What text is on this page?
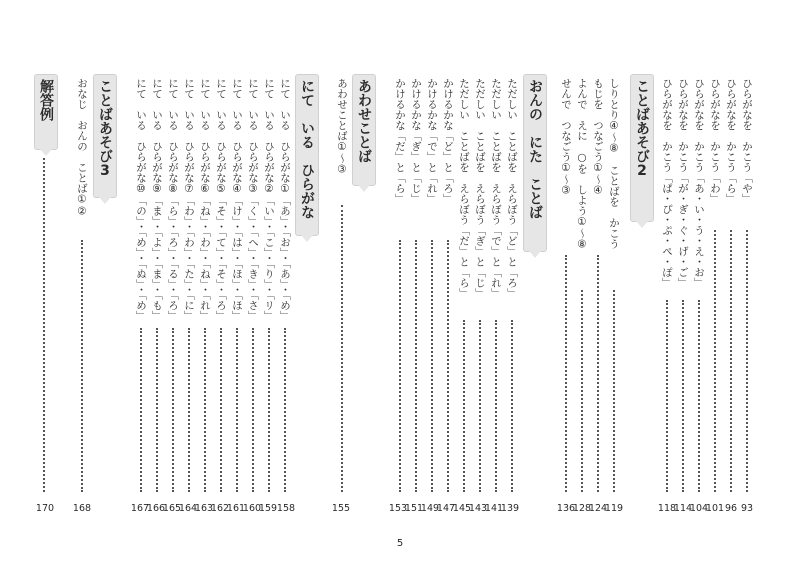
ことばあそび2	ひらがなを　かこう「や」
93
ひらがなを　かこう「ら」
96
ひらがなを　かこう「わ」
101
ひらがなを　かこう「あ・い・う・え・お」
104
ひらがなを　かこう「が・ぎ・ぐ・げ・ご」
114
ひらがなを　かこう「ぱ・ぴ・ぷ・ぺ・ぽ」
118
しりとり④～⑧　ことばを　かこう
119
もじを　つなごう①～④
124
よんで　えに　○を　しよう①～⑧
128
せんで　つなごう①～③
136
おんの　にた　ことば
ただしい　ことばを　えらぼう「ど」と「ろ」
139
ただしい　ことばを　えらぼう「で」と「れ」
141
ただしい　ことばを　えらぼう「ぎ」と「じ」
143
ただしい　ことばを　えらぼう「だ」と「ら」
145
かけるかな「ど」と「ろ」
147
かけるかな「で」と「れ」
149
かけるかな「ぎ」と「じ」
151
かけるかな「だ」と「ら」
153
あわせことば
あわせことば①～③
155
にて　いる　ひらがな
にて　いる　ひらがな①「あ」・「お」・「あ」・「め」
158
にて　いる　ひらがな②「い」・「こ」・「り」・「リ」
159
にて　いる　ひらがな③「く」・「へ」・「き」・「さ」
160
にて　いる　ひらがな④「け」・「は」・「ほ」・「ほ」
161
にて　いる　ひらがな⑤「そ」・「て」・「そ」・「ろ」
162
にて　いる　ひらがな⑥「ね」・「わ」・「ね」・「れ」
163
にて　いる　ひらがな⑦「わ」・「わ」・「た」・「に」
164
にて　いる　ひらがな⑧「ら」・「ろ」・「る」・「ろ」
165
にて　いる　ひらがな⑨「ま」・「よ」・「ま」・「も」
166
にて　いる　ひらがな⑩「の」・「め」・「ぬ」・「め」
167
ことばあそび3
おなじ　おんの　ことば①②
168
解答例
170
5
